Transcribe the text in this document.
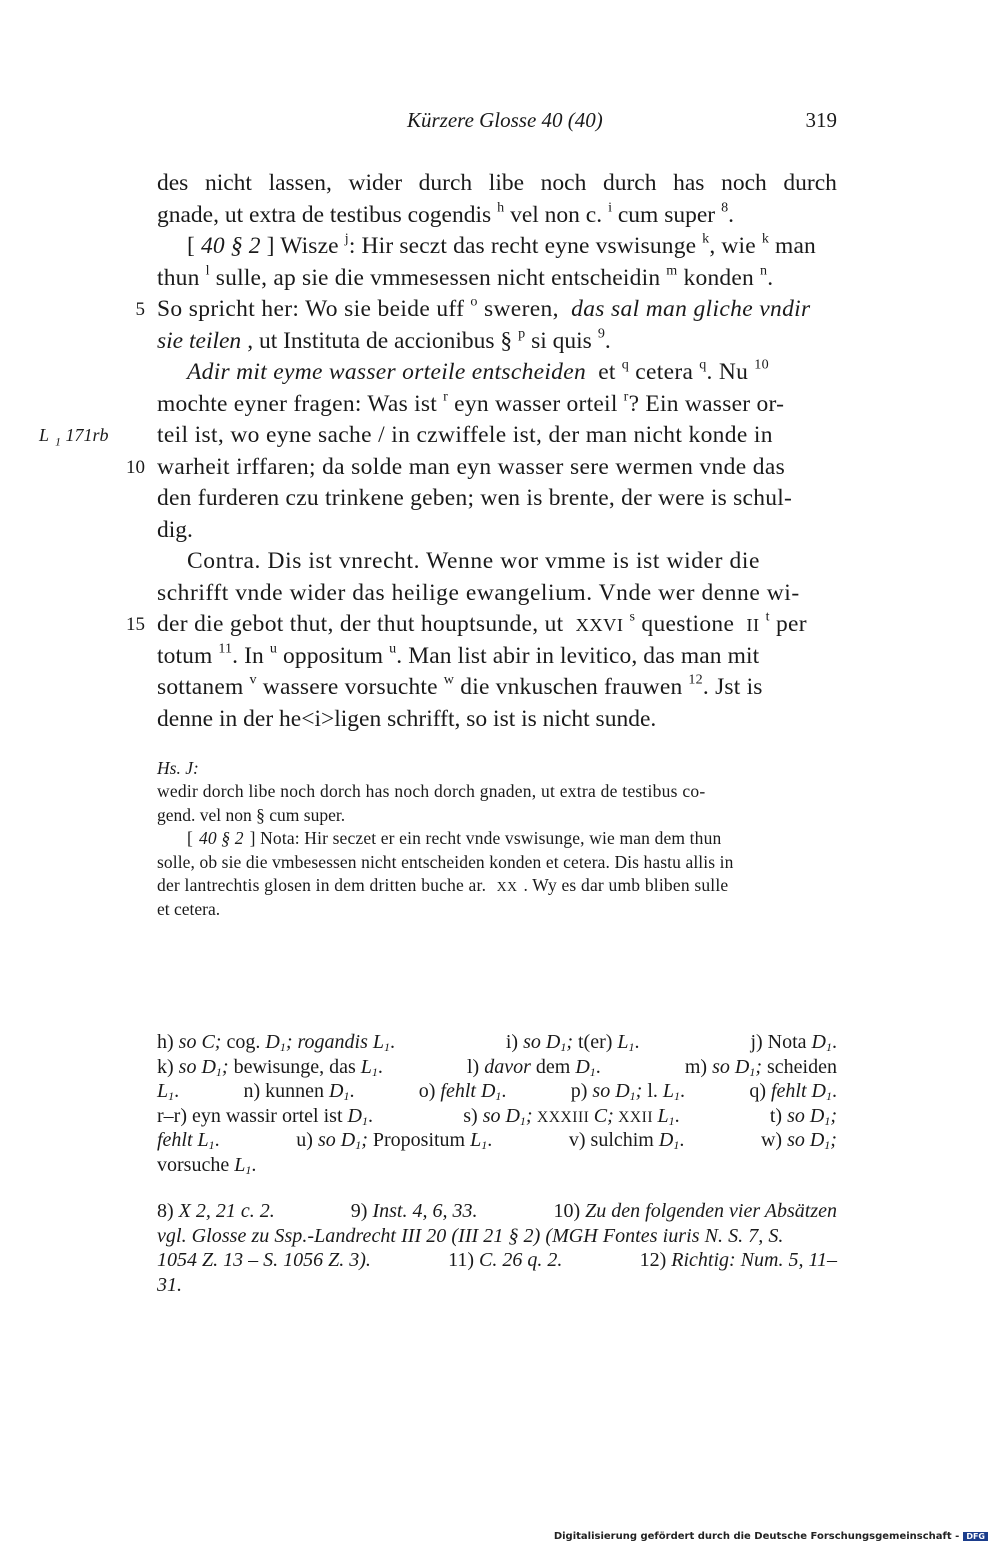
Kürzere Glosse 40 (40)	319
des nicht lassen, wider durch libe noch durch has noch durch
gnade, ut extra de testibus cogendis $^h$ vel non c. $^i$ cum super $^8$.
[ 40 § 2 ] Wisze $^j$: Hir seczt das recht eyne vswisunge $^k$, wie $^k$ man
thun $^l$ sulle, ap sie die vmmesessen nicht entscheidin $^m$ konden $^n$.
5 So spricht her: Wo sie beide uff $^o$ sweren, das sal man gliche vndir
sie teilen , ut Instituta de accionibus § $^p$ si quis $^9$.
Adir mit eyme wasser orteile entscheiden et $^q$ cetera $^q$. Nu $^{10}$
mochte eyner fragen: Was ist $^r$ eyn wasser orteil $^r$? Ein wasser or-
L $_1$ 171rb teil ist, wo eyne sache / in czwiffele ist, der man nicht konde in
10 warheit irffaren; da solde man eyn wasser sere wermen vnde das
den furderen czu trinkene geben; wen is brente, der were is schul-
dig.
Contra. Dis ist vnrecht. Wenne wor vmme is ist wider die
schrifft vnde wider das heilige ewangelium. Vnde wer denne wi-
15 der die gebot thut, der thut houptsunde, ut XXVI $^s$ questione II $^t$ per
totum $^{11}$. In $^u$ oppositum $^u$. Man list abir in levitico, das man mit
sottanem $^v$ wassere vorsuchte $^w$ die vnkuschen frauwen $^{12}$. Jst is
denne in der he<i>ligen schrifft, so ist is nicht sunde.
Hs. J:
wedir dorch libe noch dorch has noch dorch gnaden, ut extra de testibus co-
gend. vel non § cum super.
[ 40 § 2 ] Nota: Hir seczet er ein recht vnde vswisunge, wie man dem thun
solle, ob sie die vmbesessen nicht entscheiden konden et cetera. Dis hastu allis in
der lantrechtis glosen in dem dritten buche ar. XX . Wy es dar umb bliben sulle
et cetera.
h) so C; cog. $D_1$; rogandis $L_1$.	i) so $D_1$; t(er) $L_1$.	j) Nota $D_1$.
k) so $D_1$; bewisunge, das $L_1$.	l) davor dem $D_1$.	m) so $D_1$; scheiden
$L_1$.	n) kunnen $D_1$.	o) fehlt $D_1$.	p) so $D_1$; l. $L_1$.	q) fehlt $D_1$.
r–r) eyn wassir ortel ist $D_1$.	s) so $D_1$; XXXIII C; XXII $L_1$.	t) so $D_1$;
fehlt $L_1$.	u) so $D_1$; Propositum $L_1$.	v) sulchim $D_1$.	w) so $D_1$;
vorsuche $L_1$.
8) X 2, 21 c. 2.	9) Inst. 4, 6, 33.	10) Zu den folgenden vier Absätzen
vgl. Glosse zu Ssp.-Landrecht III 20 (III 21 § 2) (MGH Fontes iuris N. S. 7, S.
1054 Z. 13 – S. 1056 Z. 3).	11) C. 26 q. 2.	12) Richtig: Num. 5, 11–
31.
Digitalisierung gefördert durch die Deutsche Forschungsgemeinschaft - DFG
